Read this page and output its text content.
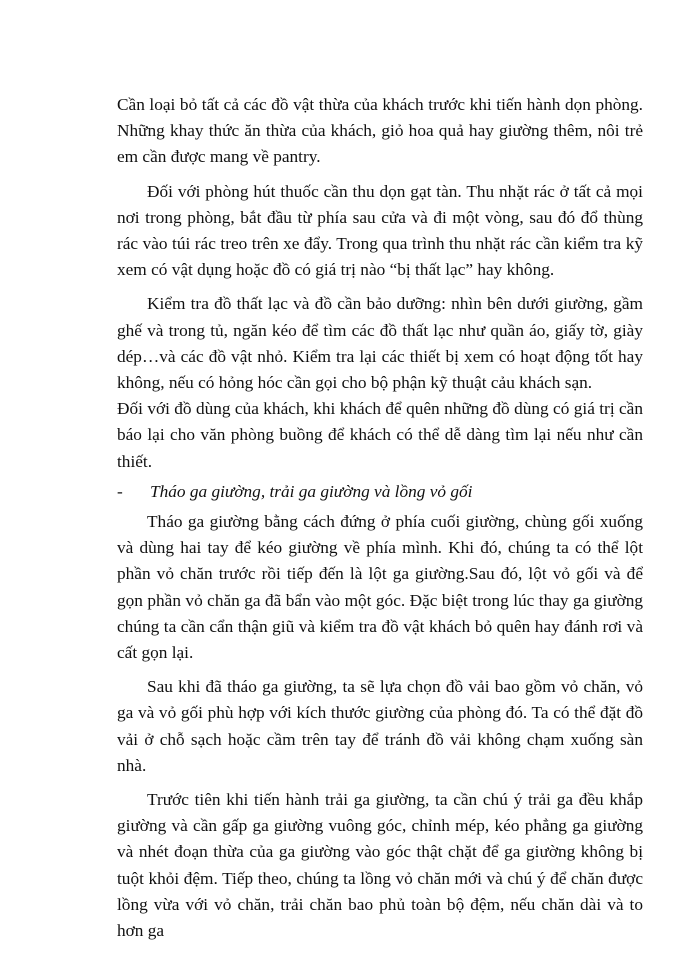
Cần loại bỏ tất cả các đồ vật thừa của khách trước khi tiến hành dọn phòng. Những khay thức ăn thừa của khách, giỏ hoa quả hay giường thêm, nôi trẻ em cần được mang về pantry.

Đối với phòng hút thuốc cần thu dọn gạt tàn. Thu nhặt rác ở tất cả mọi nơi trong phòng, bắt đầu từ phía sau cửa và đi một vòng, sau đó đổ thùng rác vào túi rác treo trên xe đẩy. Trong qua trình thu nhặt rác cần kiểm tra kỹ xem có vật dụng hoặc đồ có giá trị nào “bị thất lạc” hay không.

Kiểm tra đồ thất lạc và đồ cần bảo dưỡng: nhìn bên dưới giường, gầm ghế và trong tủ, ngăn kéo để tìm các đồ thất lạc như quần áo, giấy tờ, giày dép…và các đồ vật nhỏ. Kiểm tra lại các thiết bị xem có hoạt động tốt hay không, nếu có hỏng hóc cần gọi cho bộ phận kỹ thuật cảu khách sạn.

Đối với đồ dùng của khách, khi khách để quên những đồ dùng có giá trị cần báo lại cho văn phòng buồng để khách có thể dễ dàng tìm lại nếu như cần thiết.

-	Tháo ga giường, trải ga giường và lồng vỏ gối

Tháo ga giường bằng cách đứng ở phía cuối giường, chùng gối xuống và dùng hai tay để kéo giường về phía mình. Khi đó, chúng ta có thể lột phần vỏ chăn trước rồi tiếp đến là lột ga giường.Sau đó, lột vỏ gối và để gọn phần vỏ chăn ga đã bẩn vào một góc. Đặc biệt trong lúc thay ga giường chúng ta cần cẩn thận giũ và kiểm tra đồ vật khách bỏ quên hay đánh rơi và cất gọn lại.

Sau khi đã tháo ga giường, ta sẽ lựa chọn đồ vải bao gồm vỏ chăn, vỏ ga và vỏ gối phù hợp với kích thước giường của phòng đó. Ta có thể đặt đồ vải ở chỗ sạch hoặc cầm trên tay để tránh đồ vải không chạm xuống sàn nhà.

Trước tiên khi tiến hành trải ga giường, ta cần chú ý trải ga đều khắp giường và cần gấp ga giường vuông góc, chỉnh mép, kéo phẳng ga giường và nhét đoạn thừa của ga giường vào góc thật chặt để ga giường không bị tuột khỏi đệm. Tiếp theo, chúng ta lồng vỏ chăn mới và chú ý để chăn được lồng vừa với vỏ chăn, trải chăn bao phủ toàn bộ đệm, nếu chăn dài và to hơn ga
